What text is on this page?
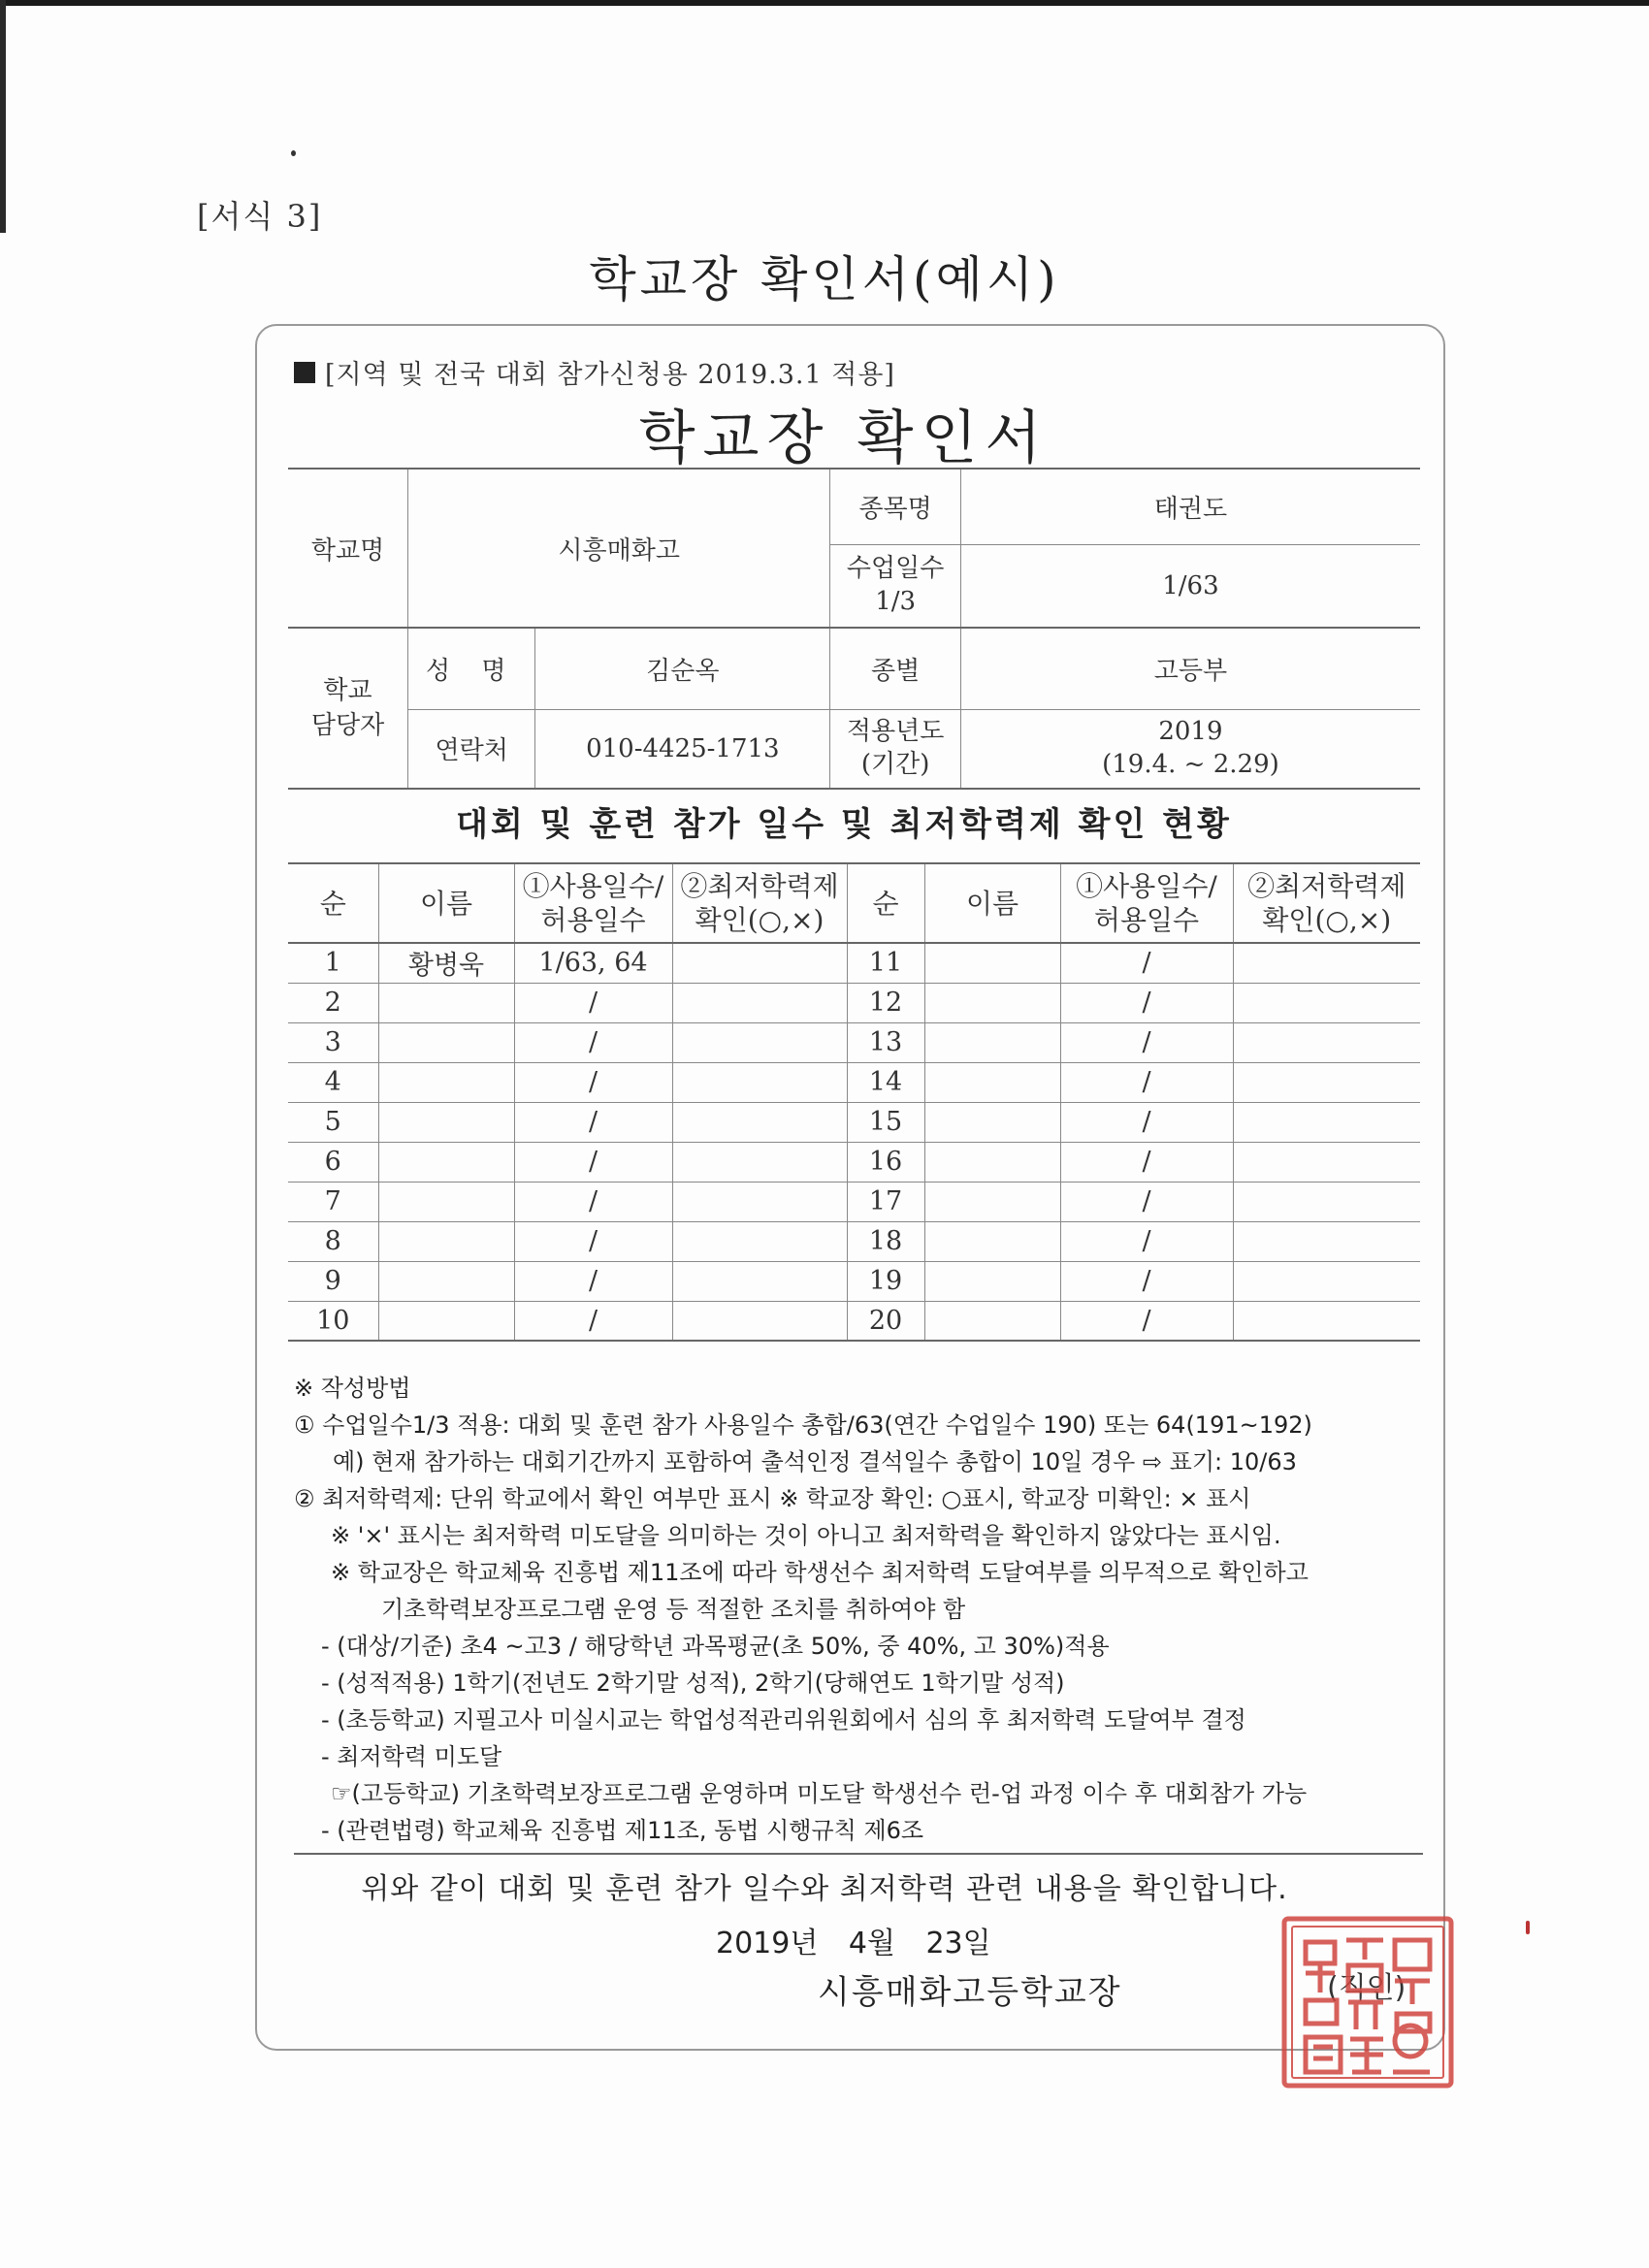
[서식 3]
학교장 확인서(예시)
[지역 및 전국 대회 참가신청용 2019.3.1 적용]
학교장 확인서
학교명	시흥매화고		종목명	태권도
			수업일수 1/3	1/63
학교 담당자	성 명	김순옥	종별	고등부
	연락처	010-4425-1713	적용년도 (기간)	2019
(19.4. ~ 2.29)
대회 및 훈련 참가 일수 및 최저학력제 확인 현황
순	이름	①사용일수/ 허용일수	②최저학력제 확인(○,×)	순	이름	①사용일수/ 허용일수	②최저학력제 확인(○,×)
1	황병욱	1/63, 64		11		/	
2		/		12		/	
3		/		13		/	
4		/		14		/	
5		/		15		/	
6		/		16		/	
7		/		17		/	
8		/		18		/	
9		/		19		/	
10		/		20		/	
※ 작성방법
① 수업일수1/3 적용: 대회 및 훈련 참가 사용일수 총합/63(연간 수업일수 190) 또는 64(191~192)
예) 현재 참가하는 대회기간까지 포함하여 출석인정 결석일수 총합이 10일 경우 ⇨ 표기: 10/63
② 최저학력제: 단위 학교에서 확인 여부만 표시 ※ 학교장 확인: ○표시, 학교장 미확인: × 표시
※ '×' 표시는 최저학력 미도달을 의미하는 것이 아니고 최저학력을 확인하지 않았다는 표시임.
※ 학교장은 학교체육 진흥법 제11조에 따라 학생선수 최저학력 도달여부를 의무적으로 확인하고
기초학력보장프로그램 운영 등 적절한 조치를 취하여야 함
- (대상/기준) 초4 ~고3 / 해당학년 과목평균(초 50%, 중 40%, 고 30%)적용
- (성적적용) 1학기(전년도 2학기말 성적), 2학기(당해연도 1학기말 성적)
- (초등학교) 지필고사 미실시교는 학업성적관리위원회에서 심의 후 최저학력 도달여부 결정
- 최저학력 미도달
☞(고등학교) 기초학력보장프로그램 운영하며 미도달 학생선수 런-업 과정 이수 후 대회참가 가능
- (관련법령) 학교체육 진흥법 제11조, 동법 시행규칙 제6조
위와 같이 대회 및 훈련 참가 일수와 최저학력 관련 내용을 확인합니다.
2019년 4월 23일
시흥매화고등학교장	(직인)
